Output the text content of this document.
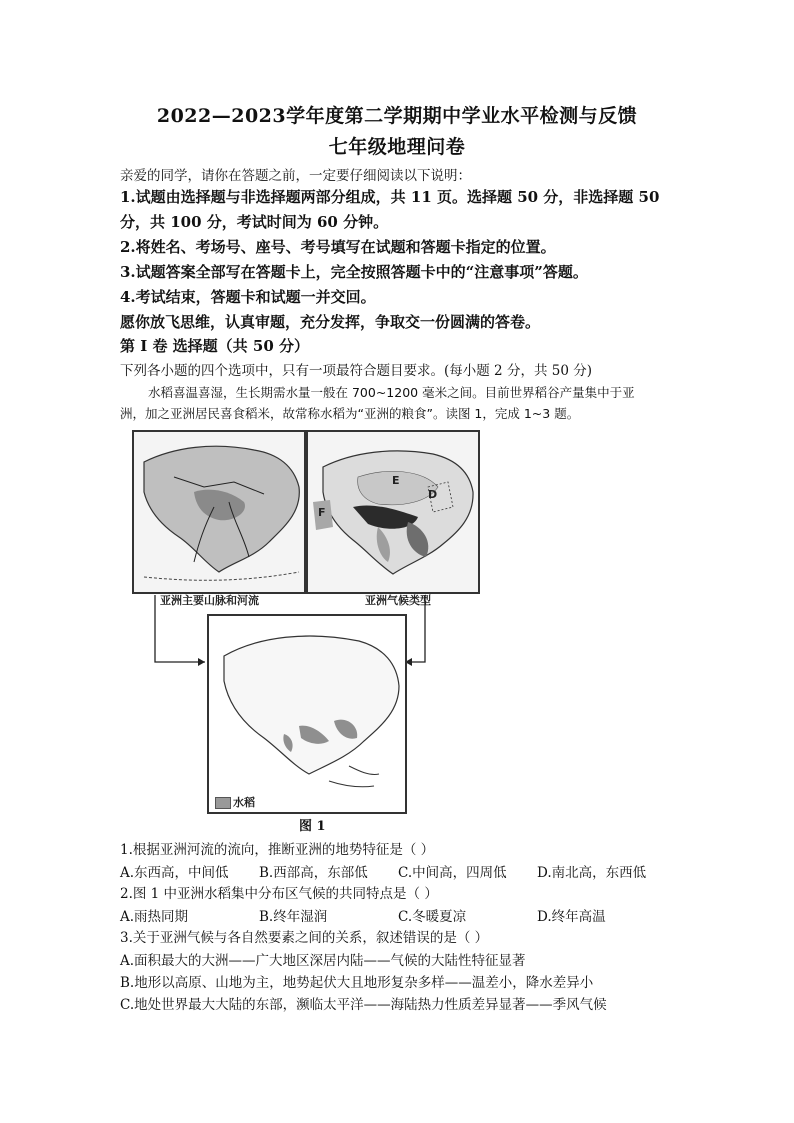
2022—2023学年度第二学期期中学业水平检测与反馈
七年级地理问卷
亲爱的同学，请你在答题之前，一定要仔细阅读以下说明：
1.试题由选择题与非选择题两部分组成，共 11 页。选择题 50 分，非选择题 50
分，共 100 分，考试时间为 60 分钟。
2.将姓名、考场号、座号、考号填写在试题和答题卡指定的位置。
3.试题答案全部写在答题卡上，完全按照答题卡中的“注意事项”答题。
4.考试结束，答题卡和试题一并交回。
愿你放飞思维，认真审题，充分发挥，争取交一份圆满的答卷。
第 I 卷 选择题（共 50 分）
下列各小题的四个选项中，只有一项最符合题目要求。(每小题 2 分，共 50 分)
水稻喜温喜湿，生长期需水量一般在 700~1200 毫米之间。目前世界稻谷产量集中于亚
洲，加之亚洲居民喜食稻米，故常称水稻为“亚洲的粮食”。读图 1，完成 1~3 题。
亚洲主要山脉和河流
E
D
F
亚洲气候类型
水稻
图 1
1.根据亚洲河流的流向，推断亚洲的地势特征是（ ）
A.东西高，中间低 B.西部高，东部低 C.中间高，四周低 D.南北高，东西低
2.图 1 中亚洲水稻集中分布区气候的共同特点是（ ）
A.雨热同期	B.终年湿润	C.冬暖夏凉	D.终年高温
3.关于亚洲气候与各自然要素之间的关系，叙述错误的是（ ）
A.面积最大的大洲——广大地区深居内陆——气候的大陆性特征显著
B.地形以高原、山地为主，地势起伏大且地形复杂多样——温差小，降水差异小
C.地处世界最大大陆的东部，濒临太平洋——海陆热力性质差异显著——季风气候
